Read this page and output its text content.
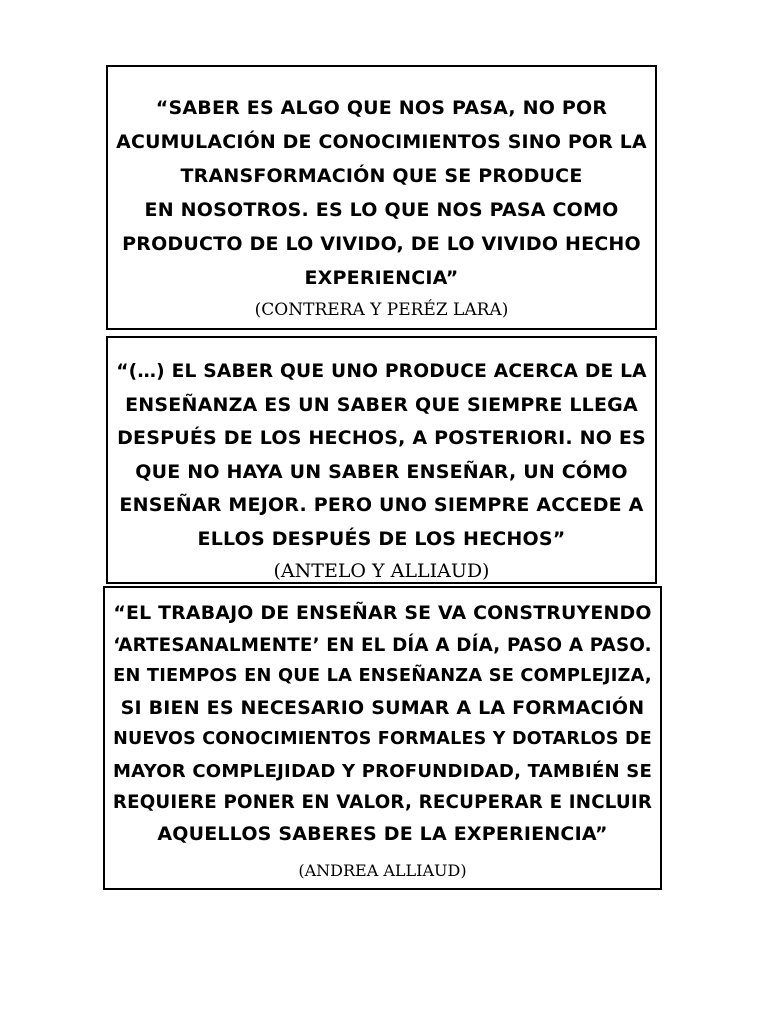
“SABER ES ALGO QUE NOS PASA, NO POR
ACUMULACIÓN DE CONOCIMIENTOS SINO POR LA
TRANSFORMACIÓN QUE SE PRODUCE
EN NOSOTROS. ES LO QUE NOS PASA COMO
PRODUCTO DE LO VIVIDO, DE LO VIVIDO HECHO
EXPERIENCIA”
(CONTRERA Y PERÉZ LARA)
“(…) EL SABER QUE UNO PRODUCE ACERCA DE LA
ENSEÑANZA ES UN SABER QUE SIEMPRE LLEGA
DESPUÉS DE LOS HECHOS, A POSTERIORI. NO ES
QUE NO HAYA UN SABER ENSEÑAR, UN CÓMO
ENSEÑAR MEJOR. PERO UNO SIEMPRE ACCEDE A
ELLOS DESPUÉS DE LOS HECHOS”
(ANTELO Y ALLIAUD)
“EL TRABAJO DE ENSEÑAR SE VA CONSTRUYENDO
‘ARTESANALMENTE’ EN EL DÍA A DÍA, PASO A PASO.
EN TIEMPOS EN QUE LA ENSEÑANZA SE COMPLEJIZA,
SI BIEN ES NECESARIO SUMAR A LA FORMACIÓN
NUEVOS CONOCIMIENTOS FORMALES Y DOTARLOS DE
MAYOR COMPLEJIDAD Y PROFUNDIDAD, TAMBIÉN SE
REQUIERE PONER EN VALOR, RECUPERAR E INCLUIR
AQUELLOS SABERES DE LA EXPERIENCIA”
(ANDREA ALLIAUD)
